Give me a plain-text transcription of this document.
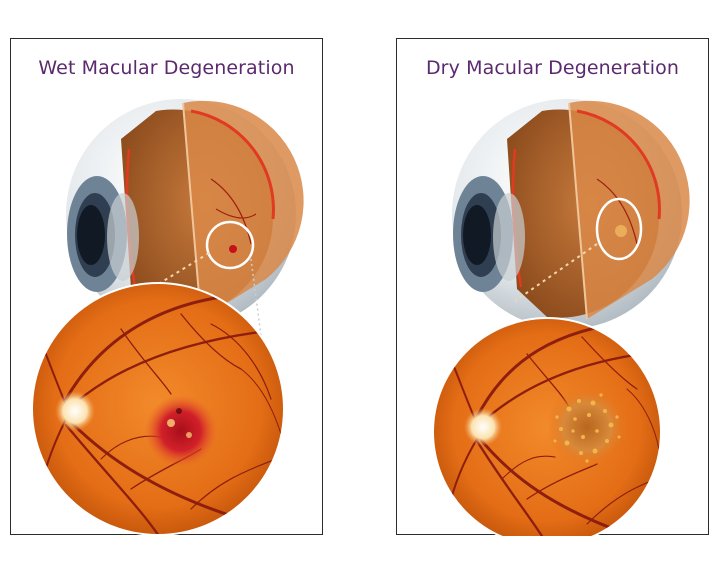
Wet Macular Degeneration	Dry Macular Degeneration
